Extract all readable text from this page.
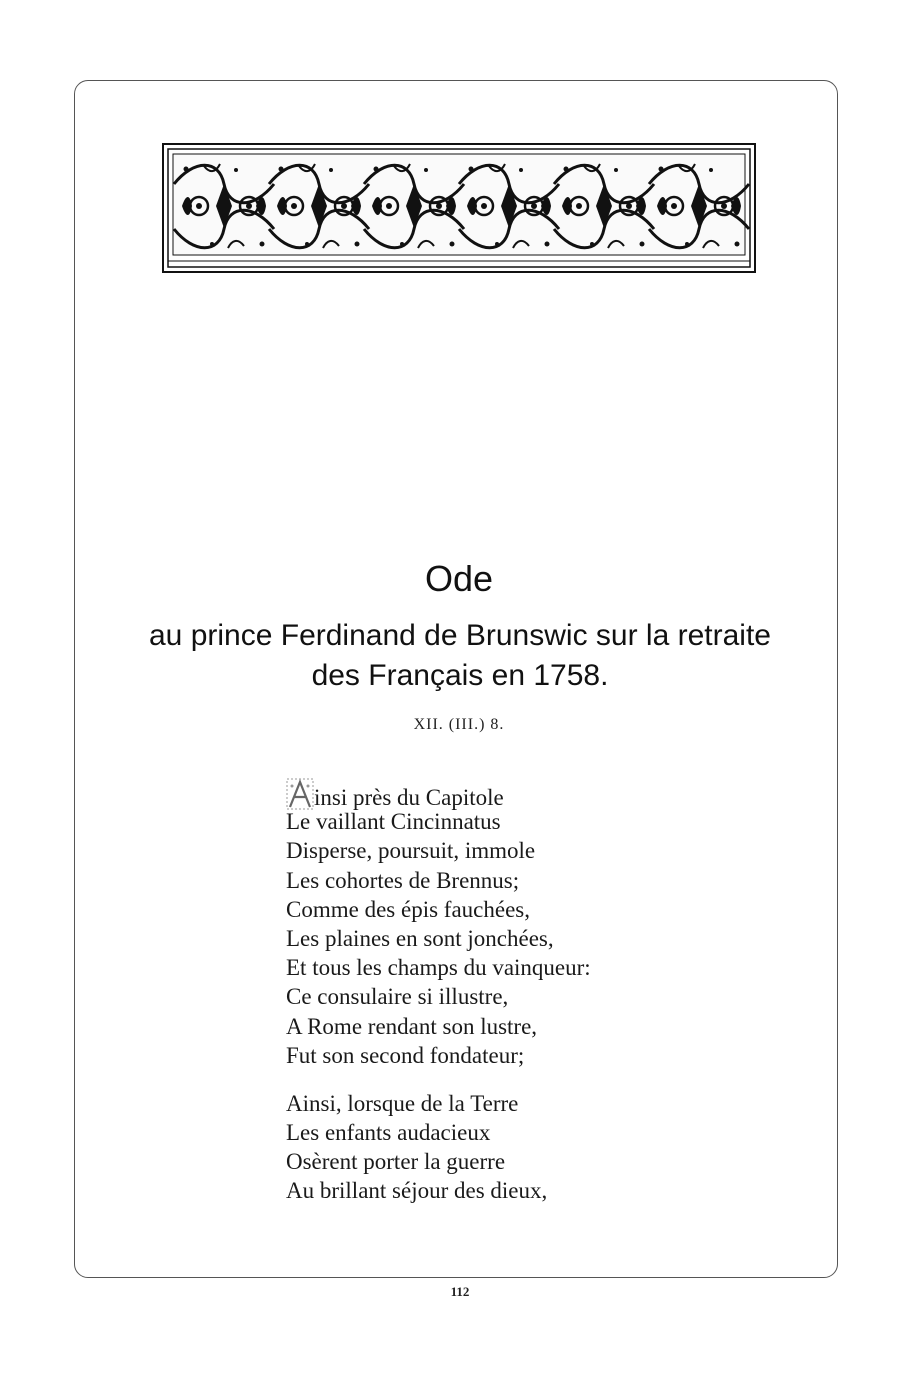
Ode
au prince Ferdinand de Brunswic sur la retraite des Français en 1758.
XII. (III.) 8.
insi près du Capitole
Le vaillant Cincinnatus
Disperse, poursuit, immole
Les cohortes de Brennus;
Comme des épis fauchées,
Les plaines en sont jonchées,
Et tous les champs du vainqueur:
Ce consulaire si illustre,
A Rome rendant son lustre,
Fut son second fondateur;
Ainsi, lorsque de la Terre
Les enfants audacieux
Osèrent porter la guerre
Au brillant séjour des dieux,
112
